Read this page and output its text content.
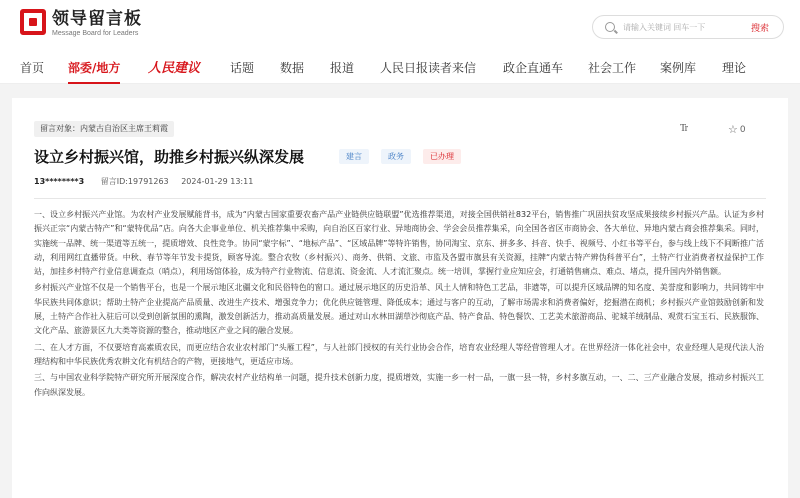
领导留言板
Message Board for Leaders
请输入关键词 回车一下	搜索
首页 部委/地方 人民建议 话题 数据 报道 人民日报读者来信 政企直通车 社会工作 案例库 理论
留言对象：内蒙古自治区主席王莉霞	Tr	☆ 0
设立乡村振兴馆，助推乡村振兴纵深发展	建言	政务	已办理
13********3 留言ID:19791263 2024-01-29 13:11

一、设立乡村振兴产业馆。为农村产业发展赋能背书，成为“内蒙古国家重要农畜产品产业链供应链联盟”优选推荐渠道，对接全国供销社832平台，销售推广巩固扶贫攻坚成果接续乡村振兴产品。认证为乡村振兴正宗“内蒙古特产”和“蒙特优品”店。向各大企事业单位、机关推荐集中采购，向自治区百家行业、异地商协会、学会会员推荐集采，向全国各省区市商协会、各大单位、异地内蒙古商会推荐集采。同时，实施统一品牌、统一渠道等五统一，提质增效、良性竞争。协同“蒙字标”、“地标产品”、“区域品牌”等特许销售，协同淘宝、京东、拼多多、抖音、快手、视频号、小红书等平台，参与线上线下不间断推广活动，利用网红直播带货。中秋、春节等年节发卡提货，顾客导流。整合农牧（乡村振兴）、商务、供销、文旅、市监及各盟市旗县有关资源，挂牌“内蒙古特产辨伪科普平台”，土特产行业消费者权益保护工作站，加挂乡村特产行业信息调查点（哨点），利用场馆体验，成为特产行业物流、信息流、资金流、人才流汇聚点。统一培训，掌握行业应知应会，打通销售痛点、难点、堵点，提升国内外销售额。

乡村振兴产业馆不仅是一个销售平台，也是一个展示地区北疆文化和民俗特色的窗口。通过展示地区的历史沿革、风土人情和特色工艺品，非遗等，可以提升区域品牌的知名度、美誉度和影响力，共同铸牢中华民族共同体意识；帮助土特产企业提高产品质量、改进生产技术、增强竞争力；优化供应链管理、降低成本；通过与客户的互动，了解市场需求和消费者偏好，挖掘潜在商机；乡村振兴产业馆鼓励创新和发展，土特产合作社入驻后可以受到创新氛围的熏陶，激发创新活力，推动高质量发展。通过对山水林田湖草沙彻底产品、特产食品、特色餐饮、工艺美术旅游商品、驼城羊绒制品、观赏石宝玉石、民族服饰、文化产品、旅游景区九大类等资源的整合，推动地区产业之间的融合发展。

二、在人才方面，不仅要培育高素质农民，而更应结合农业农村部门“头雁工程”，与人社部门授权的有关行业协会合作，培育农业经理人等经营管理人才。在世界经济一体化社会中，农业经理人是现代法人治理结构和中华民族优秀农耕文化有机结合的产物，更接地气，更适应市场。

三、与中国农业科学院特产研究所开展深度合作，解决农村产业结构单一问题，提升技术创新力度，提质增效，实施一乡一村一品，一旗一县一特，乡村多旗互动，一、二、三产业融合发展，推动乡村振兴工作向纵深发展。
